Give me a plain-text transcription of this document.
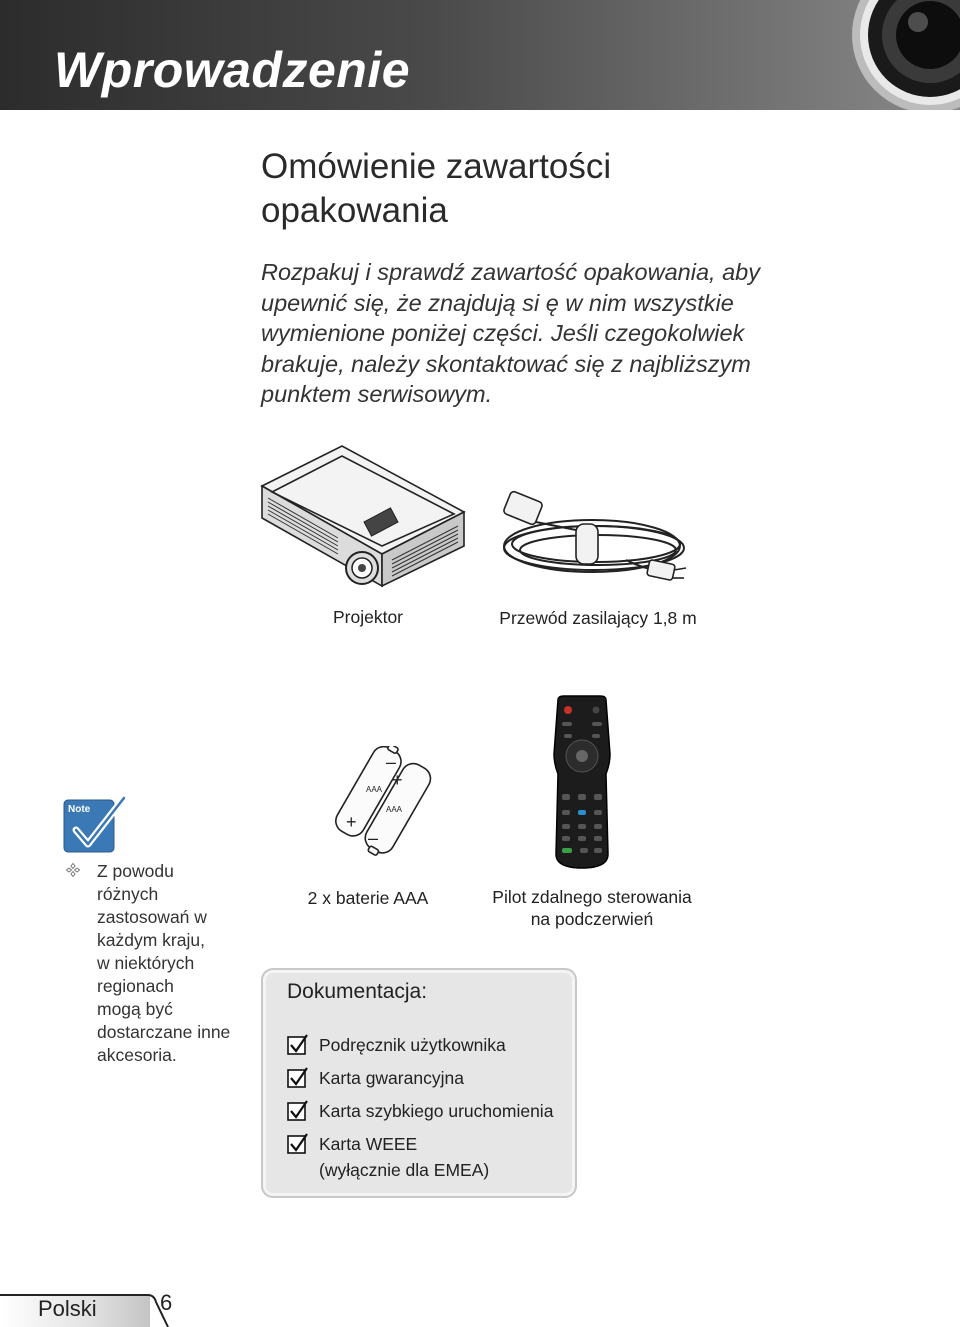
Wprowadzenie
Omówienie zawartości
opakowania
Rozpakuj i sprawdź zawartość opakowania, aby
upewnić się, że znajdują si ę w nim wszystkie
wymienione poniżej części. Jeśli czegokolwiek
brakuje, należy skontaktować się z najbliższym
punktem serwisowym.
Projektor	Przewód zasilający 1,8 m
+
AAA
+
–
–
AAA
2 x baterie AAA	Pilot zdalnego sterowania
na podczerwień
Note
Z powodu
różnych
zastosowań w
każdym kraju,
w niektórych
regionach
mogą być
dostarczane inne
akcesoria.
Dokumentacja:
Podręcznik użytkownika
Karta gwarancyjna
Karta szybkiego uruchomienia
Karta WEEE
(wyłącznie dla EMEA)
Polski	6
